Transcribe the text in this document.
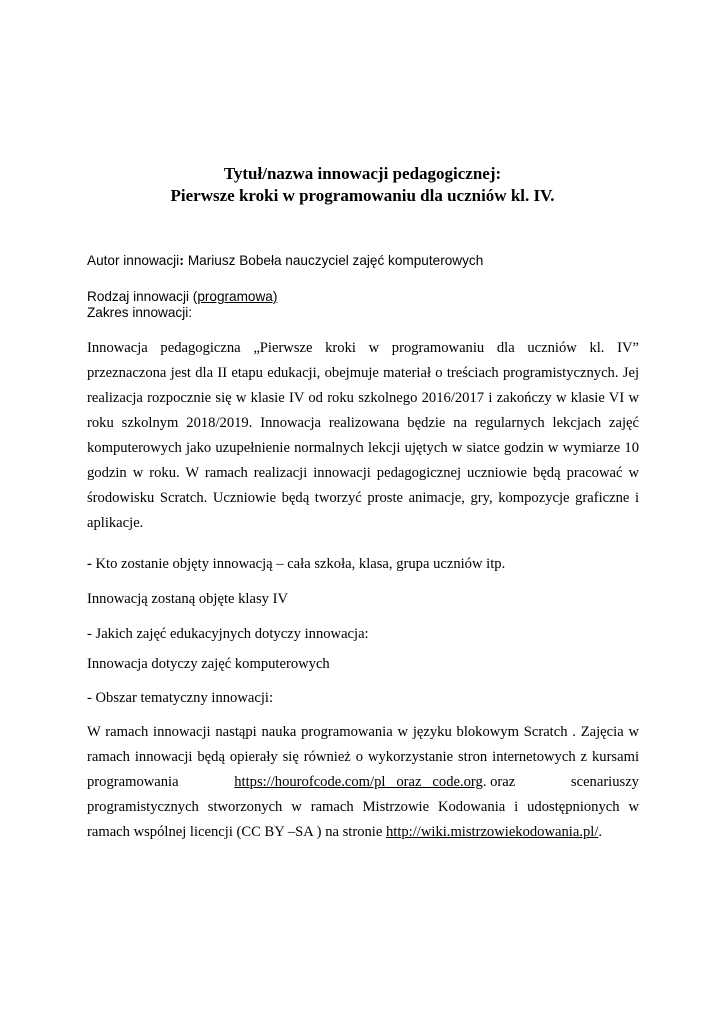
Tytuł/nazwa innowacji pedagogicznej:
Pierwsze kroki w programowaniu dla uczniów kl. IV.
Autor innowacji: Mariusz Bobeła nauczyciel zajęć komputerowych
Rodzaj innowacji (programowa)
Zakres innowacji:
Innowacja pedagogiczna „Pierwsze kroki w programowaniu dla uczniów kl. IV”
przeznaczona jest dla II etapu edukacji, obejmuje materiał o treściach programistycznych. Jej
realizacja rozpocznie się w klasie IV od roku szkolnego 2016/2017 i zakończy w klasie VI w
roku szkolnym 2018/2019. Innowacja realizowana będzie na regularnych lekcjach zajęć
komputerowych jako uzupełnienie normalnych lekcji ujętych w siatce godzin w wymiarze 10
godzin w roku. W ramach realizacji innowacji pedagogicznej uczniowie będą pracować w
środowisku Scratch. Uczniowie będą tworzyć proste animacje, gry, kompozycje graficzne i
aplikacje.
- Kto zostanie objęty innowacją – cała szkoła, klasa, grupa uczniów itp.
Innowacją zostaną objęte klasy IV
- Jakich zajęć edukacyjnych dotyczy innowacja:
Innowacja dotyczy zajęć komputerowych
- Obszar tematyczny innowacji:
W ramach innowacji nastąpi nauka programowania w języku blokowym Scratch . Zajęcia w
ramach innowacji będą opierały się również o wykorzystanie stron internetowych z kursami
programowania	https://hourofcode.com/pl   oraz   code.org. oraz	scenariuszy
programistycznych stworzonych w ramach Mistrzowie Kodowania i udostępnionych w
ramach wspólnej licencji (CC BY –SA ) na stronie http://wiki.mistrzowiekodowania.pl/.
